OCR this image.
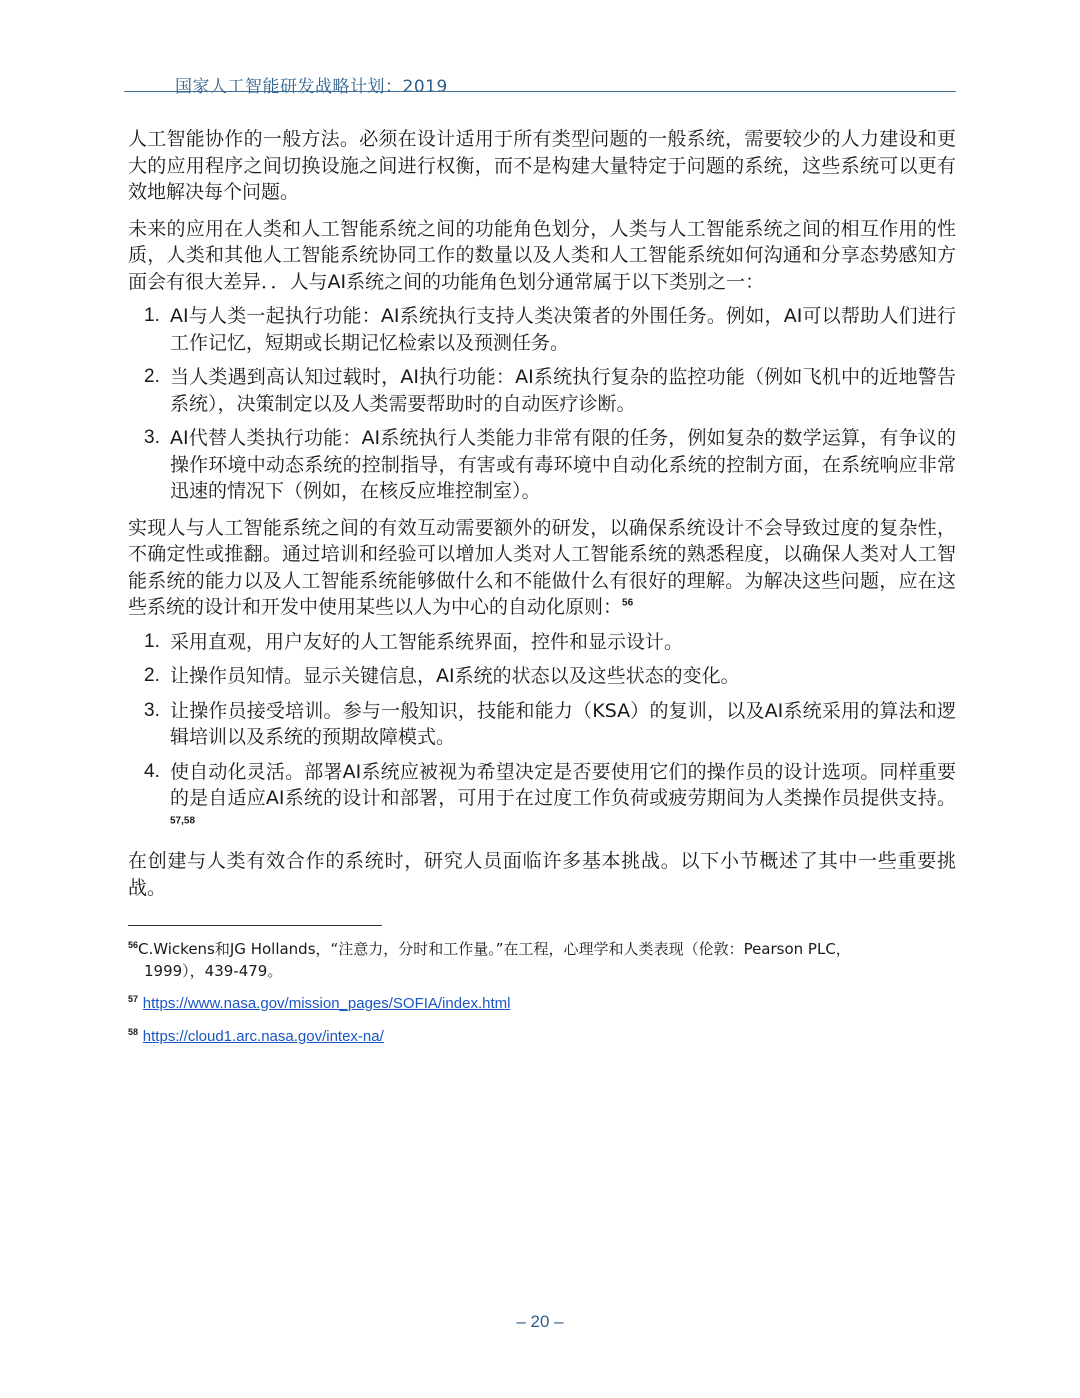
国家人工智能研发战略计划：2019

人工智能协作的一般方法。必须在设计适用于所有类型问题的一般系统，需要较少的人力建设和更大的应用程序之间切换设施之间进行权衡，而不是构建大量特定于问题的系统，这些系统可以更有效地解决每个问题。

未来的应用在人类和人工智能系统之间的功能角色划分，人类与人工智能系统之间的相互作用的性质，人类和其他人工智能系统协同工作的数量以及人类和人工智能系统如何沟通和分享态势感知方面会有很大差异．．人与AI系统之间的功能角色划分通常属于以下类别之一：

1. AI与人类一起执行功能：AI系统执行支持人类决策者的外围任务。例如，AI可以帮助人们进行工作记忆，短期或长期记忆检索以及预测任务。
2. 当人类遇到高认知过载时，AI执行功能：AI系统执行复杂的监控功能（例如飞机中的近地警告系统），决策制定以及人类需要帮助时的自动医疗诊断。
3. AI代替人类执行功能：AI系统执行人类能力非常有限的任务，例如复杂的数学运算，有争议的操作环境中动态系统的控制指导，有害或有毒环境中自动化系统的控制方面，在系统响应非常迅速的情况下（例如，在核反应堆控制室）。

实现人与人工智能系统之间的有效互动需要额外的研发，以确保系统设计不会导致过度的复杂性，不确定性或推翻。通过培训和经验可以增加人类对人工智能系统的熟悉程度，以确保人类对人工智能系统的能力以及人工智能系统能够做什么和不能做什么有很好的理解。为解决这些问题，应在这些系统的设计和开发中使用某些以人为中心的自动化原则：$^{56}$

1. 采用直观，用户友好的人工智能系统界面，控件和显示设计。
2. 让操作员知情。显示关键信息，AI系统的状态以及这些状态的变化。
3. 让操作员接受培训。参与一般知识，技能和能力（KSA）的复训，以及AI系统采用的算法和逻辑培训以及系统的预期故障模式。
4. 使自动化灵活。部署AI系统应被视为希望决定是否要使用它们的操作员的设计选项。同样重要的是自适应AI系统的设计和部署，可用于在过度工作负荷或疲劳期间为人类操作员提供支持。$^{57,58}$

在创建与人类有效合作的系统时，研究人员面临许多基本挑战。以下小节概述了其中一些重要挑战。

$^{56}$C.Wickens和JG Hollands，“注意力，分时和工作量。”在工程，心理学和人类表现（伦敦：Pearson PLC，
1999），439-479。
$^{57}$ https://www.nasa.gov/mission_pages/SOFIA/index.html
$^{58}$ https://cloud1.arc.nasa.gov/intex-na/
– 20 –
